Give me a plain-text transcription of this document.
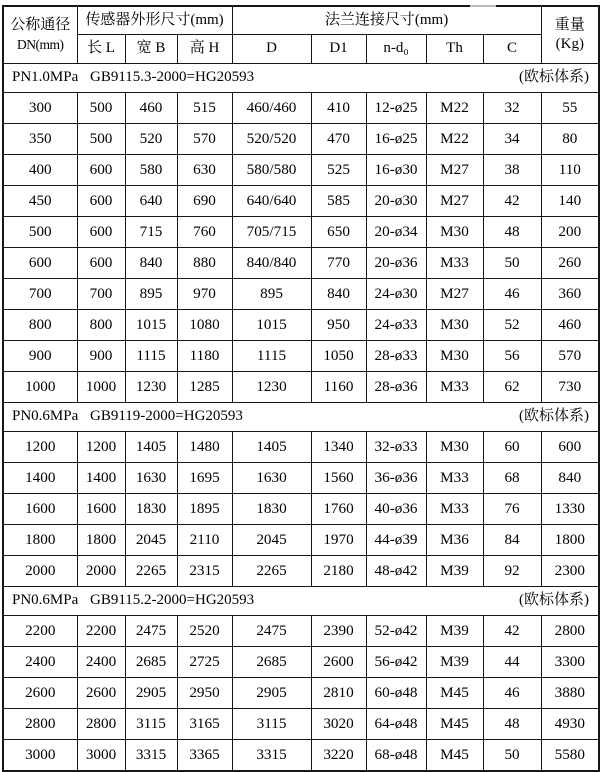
公称通径
DN(mm)
	传感器外形尺寸(mm)	法兰连接尺寸(mm)	重量
(Kg)

	长 L	宽 B	高 H	D	D1	n-d₀	Th	C	

PN1.0MPa GB9115.3-2000=HG20593 (欧标体系)									

300	500	460	515	460/460	410	12-ø25	M22	32	55
350	500	520	570	520/520	470	16-ø25	M22	34	80
400	600	580	630	580/580	525	16-ø30	M27	38	110
450	600	640	690	640/640	585	20-ø30	M27	42	140
500	600	715	760	705/715	650	20-ø34	M30	48	200
600	600	840	880	840/840	770	20-ø36	M33	50	260
700	700	895	970	895	840	24-ø30	M27	46	360
800	800	1015	1080	1015	950	24-ø33	M30	52	460
900	900	1115	1180	1115	1050	28-ø33	M30	56	570
1000	1000	1230	1285	1230	1160	28-ø36	M33	62	730

PN0.6MPa GB9119-2000=HG20593 (欧标体系)									

1200	1200	1405	1480	1405	1340	32-ø33	M30	60	600
1400	1400	1630	1695	1630	1560	36-ø36	M33	68	840
1600	1600	1830	1895	1830	1760	40-ø36	M33	76	1330
1800	1800	2045	2110	2045	1970	44-ø39	M36	84	1800
2000	2000	2265	2315	2265	2180	48-ø42	M39	92	2300

PN0.6MPa GB9115.2-2000=HG20593 (欧标体系)									

2200	2200	2475	2520	2475	2390	52-ø42	M39	42	2800
2400	2400	2685	2725	2685	2600	56-ø42	M39	44	3300
2600	2600	2905	2950	2905	2810	60-ø48	M45	46	3880
2800	2800	3115	3165	3115	3020	64-ø48	M45	48	4930
3000	3000	3315	3365	3315	3220	68-ø48	M45	50	5580
